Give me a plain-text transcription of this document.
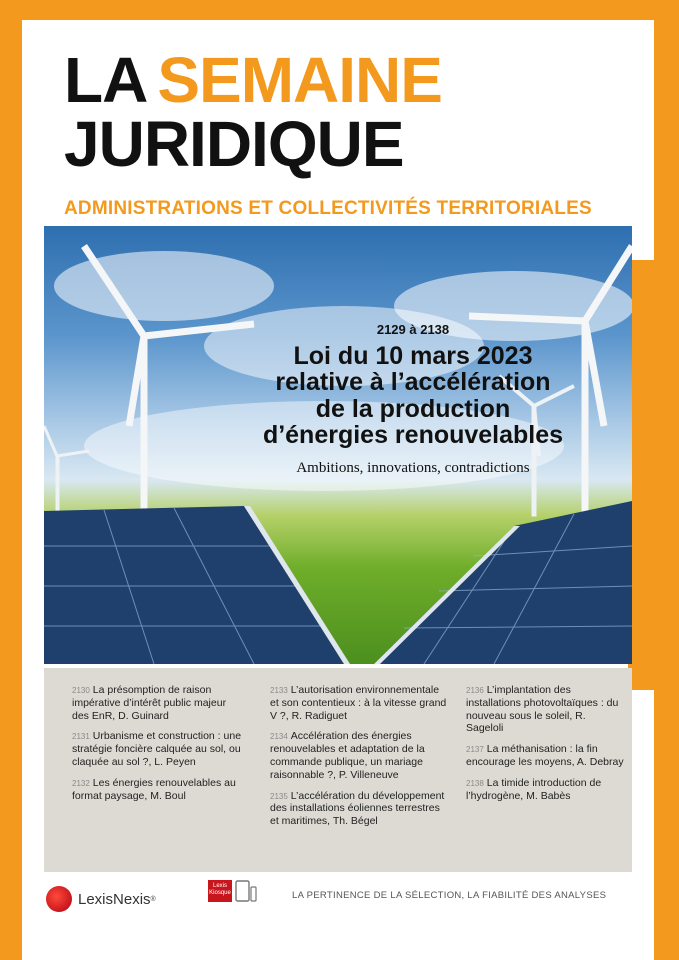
LA SEMAINE
JURIDIQUE
ADMINISTRATIONS ET COLLECTIVITÉS TERRITORIALES
2129 à 2138
Loi du 10 mars 2023
relative à l’accélération
de la production
d’énergies renouvelables
Ambitions, innovations, contradictions
2130 La présomption de raison impérative d’intérêt public majeur des EnR, D. Guinard
2131 Urbanisme et construction : une stratégie foncière calquée au sol, ou claquée au sol ?, L. Peyen
2132 Les énergies renouvelables au format paysage, M. Boul
2133 L’autorisation environnementale et son contentieux : à la vitesse grand V ?, R. Radiguet
2134 Accélération des énergies renouvelables et adaptation de la commande publique, un mariage raisonnable ?, P. Villeneuve
2135 L’accélération du développement des installations éoliennes terrestres et maritimes, Th. Bégel
2136 L’implantation des installations photovoltaïques : du nouveau sous le soleil, R. Sageloli
2137 La méthanisation : la fin encourage les moyens, A. Debray
2138 La timide introduction de l’hydrogène, M. Babès
LexisNexis ®
Lexis
Kiosque	LA PERTINENCE DE LA SÉLECTION, LA FIABILITÉ DES ANALYSES
